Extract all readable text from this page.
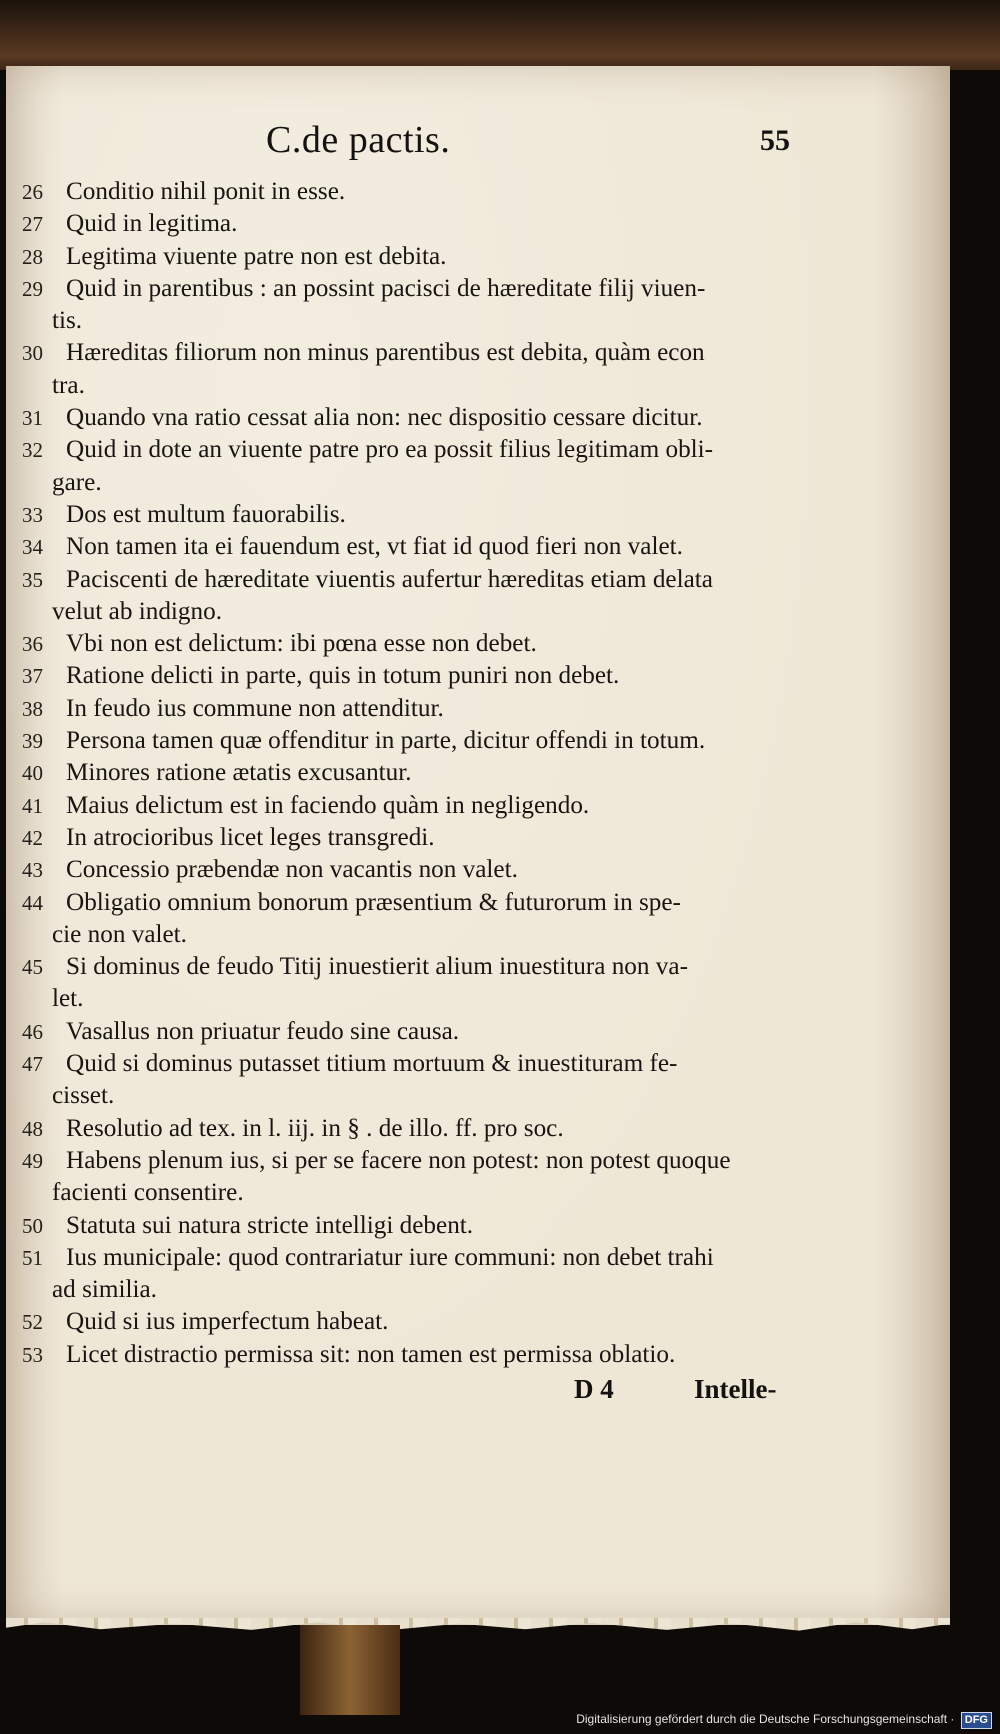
C.de pactis.	55
26 Conditio nihil ponit in esse.
27 Quid in legitima.
28 Legitima viuente patre non est debita.
29 Quid in parentibus : an possint pacisci de hæreditate filij viuen-
tis.
30 Hæreditas filiorum non minus parentibus est debita, quàm econ
tra.
31 Quando vna ratio cessat alia non: nec dispositio cessare dicitur.
32 Quid in dote an viuente patre pro ea possit filius legitimam obli-
gare.
33 Dos est multum fauorabilis.
34 Non tamen ita ei fauendum est, vt fiat id quod fieri non valet.
35 Paciscenti de hæreditate viuentis aufertur hæreditas etiam delata
velut ab indigno.
36 Vbi non est delictum: ibi pœna esse non debet.
37 Ratione delicti in parte, quis in totum puniri non debet.
38 In feudo ius commune non attenditur.
39 Persona tamen quæ offenditur in parte, dicitur offendi in totum.
40 Minores ratione ætatis excusantur.
41 Maius delictum est in faciendo quàm in negligendo.
42 In atrocioribus licet leges transgredi.
43 Concessio præbendæ non vacantis non valet.
44 Obligatio omnium bonorum præsentium & futurorum in spe-
cie non valet.
45 Si dominus de feudo Titij inuestierit alium inuestitura non va-
let.
46 Vasallus non priuatur feudo sine causa.
47 Quid si dominus putasset titium mortuum & inuestituram fe-
cisset.
48 Resolutio ad tex. in l. iij. in § . de illo. ff. pro soc.
49 Habens plenum ius, si per se facere non potest: non potest quoque
facienti consentire.
50 Statuta sui natura stricte intelligi debent.
51 Ius municipale: quod contrariatur iure communi: non debet trahi
ad similia.
52 Quid si ius imperfectum habeat.
53 Licet distractio permissa sit: non tamen est permissa oblatio.
D 4	Intelle-
Digitalisierung gefördert durch die Deutsche Forschungsgemeinschaft · DFG
